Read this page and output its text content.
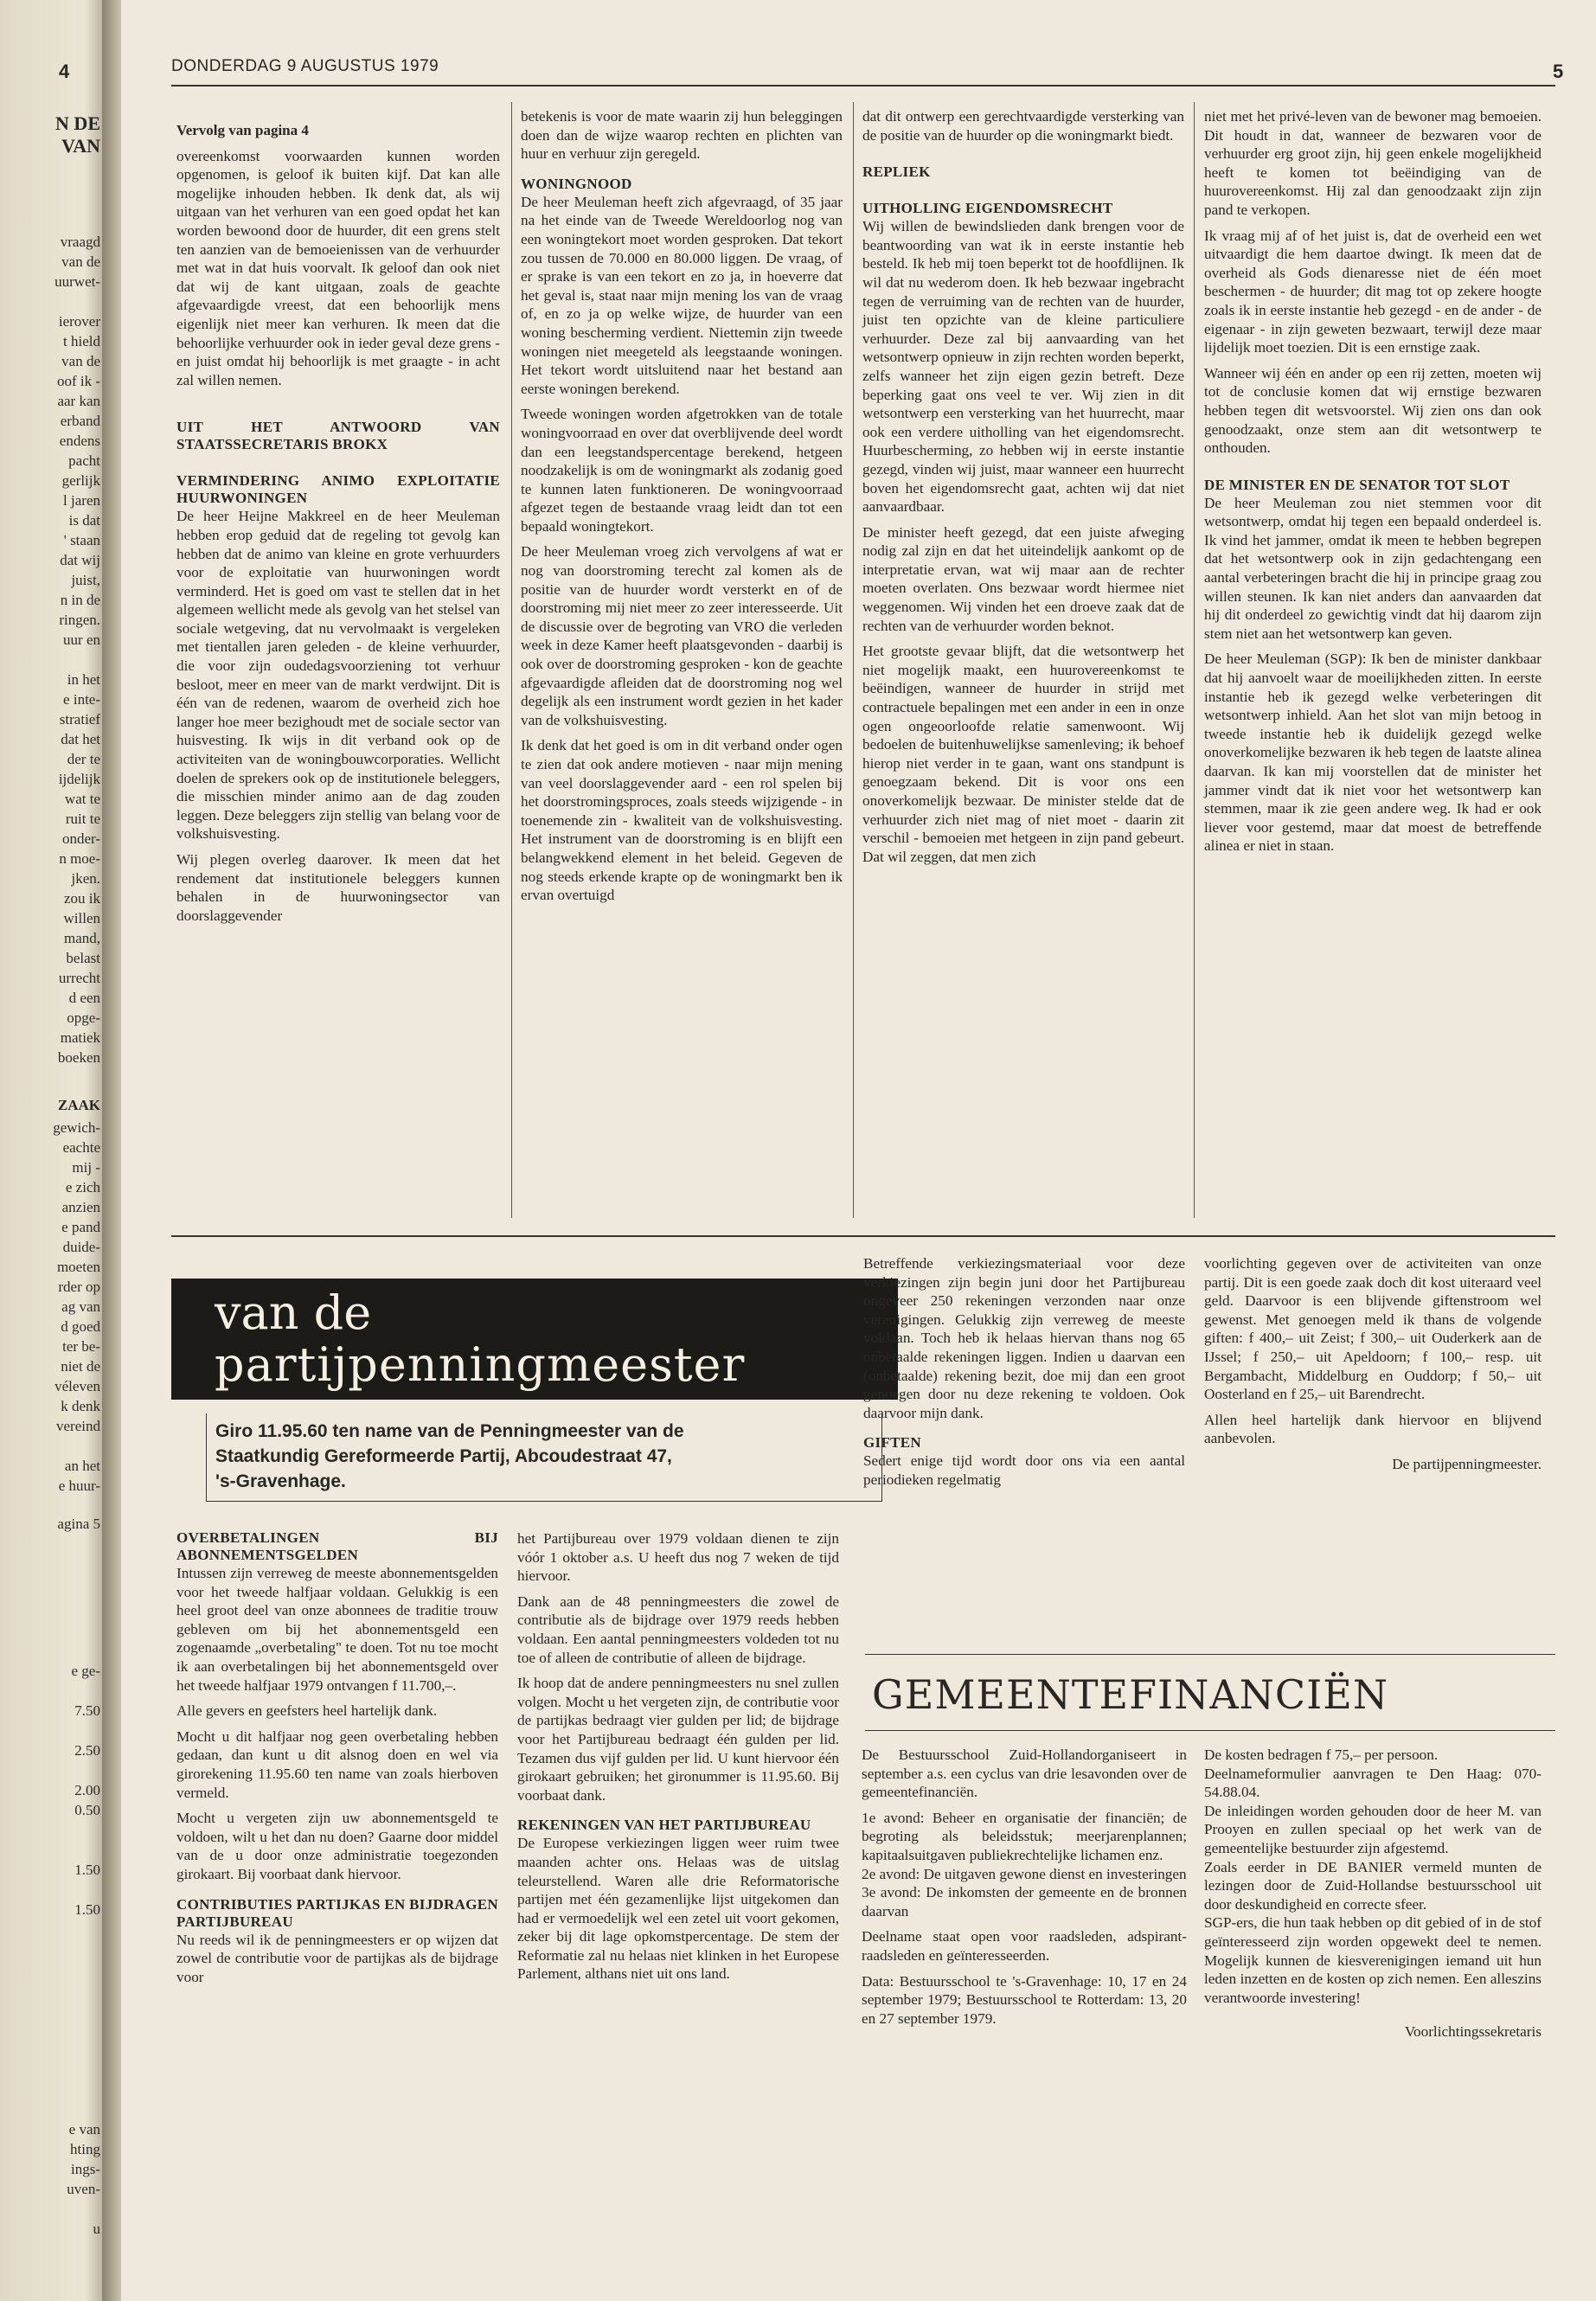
4
N DE
VAN
vraagd
van de
uurwet-

ierover
t hield
van de
oof ik -
aar kan
erband
endens
pacht
gerlijk
l jaren
is dat
' staan
dat wij
juist,
n in de
ringen.
uur en

in het
e inte-
stratief
dat het
der te
ijdelijk
wat te
ruit te
onder-
n moe-
jken.
zou ik
willen
mand,
belast
urrecht
d een
opge-
matiek
boeken
ZAAK
gewich-
eachte
mij -
e zich
anzien
e pand
duide-
moeten
rder op
ag van
d goed
ter be-
niet de
véleven
k denk
vereind

an het
e huur-
agina 5
e ge-

7.50

2.50

2.00
0.50

1.50

1.50
e van
hting
ings-
uven-

u
DONDERDAG 9 AUGUSTUS 1979	5

Vervolg van pagina 4

overeenkomst voorwaarden kunnen worden opgenomen, is geloof ik buiten kijf. Dat kan alle mogelijke inhouden hebben. Ik denk dat, als wij uitgaan van het verhuren van een goed opdat het kan worden bewoond door de huurder, dit een grens stelt ten aanzien van de bemoeienissen van de verhuurder met wat in dat huis voorvalt. Ik geloof dan ook niet dat wij de kant uitgaan, zoals de geachte afgevaardigde vreest, dat een behoorlijk mens eigenlijk niet meer kan verhuren. Ik meen dat die behoorlijke verhuurder ook in ieder geval deze grens - en juist omdat hij behoorlijk is met graagte - in acht zal willen nemen.

UIT HET ANTWOORD VAN STAATSSECRETARIS BROKX
VERMINDERING ANIMO EXPLOITATIE HUURWONINGEN

De heer Heijne Makkreel en de heer Meuleman hebben erop geduid dat de regeling tot gevolg kan hebben dat de animo van kleine en grote verhuurders voor de exploitatie van huurwoningen wordt verminderd. Het is goed om vast te stellen dat in het algemeen wellicht mede als gevolg van het stelsel van sociale wetgeving, dat nu vervolmaakt is vergeleken met tientallen jaren geleden - de kleine verhuurder, die voor zijn oudedagsvoorziening tot verhuur besloot, meer en meer van de markt verdwijnt. Dit is één van de redenen, waarom de overheid zich hoe langer hoe meer bezighoudt met de sociale sector van huisvesting. Ik wijs in dit verband ook op de activiteiten van de woningbouwcorporaties. Wellicht doelen de sprekers ook op de institutionele beleggers, die misschien minder animo aan de dag zouden leggen. Deze beleggers zijn stellig van belang voor de volkshuisvesting.

Wij plegen overleg daarover. Ik meen dat het rendement dat institutionele beleggers kunnen behalen in de huurwoningsector van doorslaggevender

betekenis is voor de mate waarin zij hun beleggingen doen dan de wijze waarop rechten en plichten van huur en verhuur zijn geregeld.

WONINGNOOD

De heer Meuleman heeft zich afgevraagd, of 35 jaar na het einde van de Tweede Wereldoorlog nog van een woningtekort moet worden gesproken. Dat tekort zou tussen de 70.000 en 80.000 liggen. De vraag, of er sprake is van een tekort en zo ja, in hoeverre dat het geval is, staat naar mijn mening los van de vraag of, en zo ja op welke wijze, de huurder van een woning bescherming verdient. Niettemin zijn tweede woningen niet meegeteld als leegstaande woningen. Het tekort wordt uitsluitend naar het bestand aan eerste woningen berekend.

Tweede woningen worden afgetrokken van de totale woningvoorraad en over dat overblijvende deel wordt dan een leegstandspercentage berekend, hetgeen noodzakelijk is om de woningmarkt als zodanig goed te kunnen laten funktioneren. De woningvoorraad afgezet tegen de bestaande vraag leidt dan tot een bepaald woningtekort.

De heer Meuleman vroeg zich vervolgens af wat er nog van doorstroming terecht zal komen als de positie van de huurder wordt versterkt en of de doorstroming mij niet meer zo zeer interesseerde. Uit de discussie over de begroting van VRO die verleden week in deze Kamer heeft plaatsgevonden - daarbij is ook over de doorstroming gesproken - kon de geachte afgevaardigde afleiden dat de doorstroming nog wel degelijk als een instrument wordt gezien in het kader van de volkshuisvesting.

Ik denk dat het goed is om in dit verband onder ogen te zien dat ook andere motieven - naar mijn mening van veel doorslaggevender aard - een rol spelen bij het doorstromingsproces, zoals steeds wijzigende - in toenemende zin - kwaliteit van de volkshuisvesting. Het instrument van de doorstroming is en blijft een belangwekkend element in het beleid. Gegeven de nog steeds erkende krapte op de woningmarkt ben ik ervan overtuigd

dat dit ontwerp een gerechtvaardigde versterking van de positie van de huurder op die woningmarkt biedt.

REPLIEK
UITHOLLING EIGENDOMSRECHT

Wij willen de bewindslieden dank brengen voor de beantwoording van wat ik in eerste instantie heb besteld. Ik heb mij toen beperkt tot de hoofdlijnen. Ik wil dat nu wederom doen. Ik heb bezwaar ingebracht tegen de verruiming van de rechten van de huurder, juist ten opzichte van de kleine particuliere verhuurder. Deze zal bij aanvaarding van het wetsontwerp opnieuw in zijn rechten worden beperkt, zelfs wanneer het zijn eigen gezin betreft. Deze beperking gaat ons veel te ver. Wij zien in dit wetsontwerp een versterking van het huurrecht, maar ook een verdere uitholling van het eigendomsrecht. Huurbescherming, zo hebben wij in eerste instantie gezegd, vinden wij juist, maar wanneer een huurrecht boven het eigendomsrecht gaat, achten wij dat niet aanvaardbaar.

De minister heeft gezegd, dat een juiste afweging nodig zal zijn en dat het uiteindelijk aankomt op de interpretatie ervan, wat wij maar aan de rechter moeten overlaten. Ons bezwaar wordt hiermee niet weggenomen. Wij vinden het een droeve zaak dat de rechten van de verhuurder worden beknot.

Het grootste gevaar blijft, dat die wetsontwerp het niet mogelijk maakt, een huurovereenkomst te beëindigen, wanneer de huurder in strijd met contractuele bepalingen met een ander in een in onze ogen ongeoorloofde relatie samenwoont. Wij bedoelen de buitenhuwelijkse samenleving; ik behoef hierop niet verder in te gaan, want ons standpunt is genoegzaam bekend. Dit is voor ons een onoverkomelijk bezwaar. De minister stelde dat de verhuurder zich niet mag of niet moet - daarin zit verschil - bemoeien met hetgeen in zijn pand gebeurt. Dat wil zeggen, dat men zich

niet met het privé-leven van de bewoner mag bemoeien. Dit houdt in dat, wanneer de bezwaren voor de verhuurder erg groot zijn, hij geen enkele mogelijkheid heeft te komen tot beëindiging van de huurovereenkomst. Hij zal dan genoodzaakt zijn zijn pand te verkopen.

Ik vraag mij af of het juist is, dat de overheid een wet uitvaardigt die hem daartoe dwingt. Ik meen dat de overheid als Gods dienaresse niet de één moet beschermen - de huurder; dit mag tot op zekere hoogte zoals ik in eerste instantie heb gezegd - en de ander - de eigenaar - in zijn geweten bezwaart, terwijl deze maar lijdelijk moet toezien. Dit is een ernstige zaak.

Wanneer wij één en ander op een rij zetten, moeten wij tot de conclusie komen dat wij ernstige bezwaren hebben tegen dit wetsvoorstel. Wij zien ons dan ook genoodzaakt, onze stem aan dit wetsontwerp te onthouden.

DE MINISTER EN DE SENATOR TOT SLOT

De heer Meuleman zou niet stemmen voor dit wetsontwerp, omdat hij tegen een bepaald onderdeel is. Ik vind het jammer, omdat ik meen te hebben begrepen dat het wetsontwerp ook in zijn gedachtengang een aantal verbeteringen bracht die hij in principe graag zou willen steunen. Ik kan niet anders dan aanvaarden dat hij dit onderdeel zo gewichtig vindt dat hij daarom zijn stem niet aan het wetsontwerp kan geven.

De heer Meuleman (SGP): Ik ben de minister dankbaar dat hij aanvoelt waar de moeilijkheden zitten. In eerste instantie heb ik gezegd welke verbeteringen dit wetsontwerp inhield. Aan het slot van mijn betoog in tweede instantie heb ik duidelijk gezegd welke onoverkomelijke bezwaren ik heb tegen de laatste alinea daarvan. Ik kan mij voorstellen dat de minister het jammer vindt dat ik niet voor het wetsontwerp kan stemmen, maar ik zie geen andere weg. Ik had er ook liever voor gestemd, maar dat moest de betreffende alinea er niet in staan.

van de
partijpenningmeester
Giro 11.95.60 ten name van de Penningmeester van de
Staatkundig Gereformeerde Partij, Abcoudestraat 47,
's-Gravenhage.

Betreffende verkiezingsmateriaal voor deze verkiezingen zijn begin juni door het Partijbureau ongeveer 250 rekeningen verzonden naar onze verenigingen. Gelukkig zijn verreweg de meeste voldaan. Toch heb ik helaas hiervan thans nog 65 onbetaalde rekeningen liggen. Indien u daarvan een (onbetaalde) rekening bezit, doe mij dan een groot genoegen door nu deze rekening te voldoen. Ook daarvoor mijn dank.

GIFTEN

Sedert enige tijd wordt door ons via een aantal periodieken regelmatig

voorlichting gegeven over de activiteiten van onze partij. Dit is een goede zaak doch dit kost uiteraard veel geld. Daarvoor is een blijvende giftenstroom wel gewenst. Met genoegen meld ik thans de volgende giften: f 400,– uit Zeist; f 300,– uit Ouderkerk aan de IJssel; f 250,– uit Apeldoorn; f 100,– resp. uit Bergambacht, Middelburg en Ouddorp; f 50,– uit Oosterland en f 25,– uit Barendrecht.

Allen heel hartelijk dank hiervoor en blijvend aanbevolen.

De partijpenningmeester.

OVERBETALINGEN BIJ ABONNEMENTSGELDEN

Intussen zijn verreweg de meeste abonnementsgelden voor het tweede halfjaar voldaan. Gelukkig is een heel groot deel van onze abonnees de traditie trouw gebleven om bij het abonnementsgeld een zogenaamde „overbetaling" te doen. Tot nu toe mocht ik aan overbetalingen bij het abonnementsgeld over het tweede halfjaar 1979 ontvangen f 11.700,–.

Alle gevers en geefsters heel hartelijk dank.

Mocht u dit halfjaar nog geen overbetaling hebben gedaan, dan kunt u dit alsnog doen en wel via girorekening 11.95.60 ten name van zoals hierboven vermeld.

Mocht u vergeten zijn uw abonnementsgeld te voldoen, wilt u het dan nu doen? Gaarne door middel van de u door onze administratie toegezonden girokaart. Bij voorbaat dank hiervoor.

CONTRIBUTIES PARTIJKAS EN BIJDRAGEN PARTIJBUREAU

Nu reeds wil ik de penningmeesters er op wijzen dat zowel de contributie voor de partijkas als de bijdrage voor

het Partijbureau over 1979 voldaan dienen te zijn vóór 1 oktober a.s. U heeft dus nog 7 weken de tijd hiervoor.

Dank aan de 48 penningmeesters die zowel de contributie als de bijdrage over 1979 reeds hebben voldaan. Een aantal penningmeesters voldeden tot nu toe of alleen de contributie of alleen de bijdrage.

Ik hoop dat de andere penningmeesters nu snel zullen volgen. Mocht u het vergeten zijn, de contributie voor de partijkas bedraagt vier gulden per lid; de bijdrage voor het Partijbureau bedraagt één gulden per lid. Tezamen dus vijf gulden per lid. U kunt hiervoor één girokaart gebruiken; het gironummer is 11.95.60. Bij voorbaat dank.

REKENINGEN VAN HET PARTIJBUREAU

De Europese verkiezingen liggen weer ruim twee maanden achter ons. Helaas was de uitslag teleurstellend. Waren alle drie Reformatorische partijen met één gezamenlijke lijst uitgekomen dan had er vermoedelijk wel een zetel uit voort gekomen, zeker bij dit lage opkomstpercentage. De stem der Reformatie zal nu helaas niet klinken in het Europese Parlement, althans niet uit ons land.

GEMEENTEFINANCIËN

De Bestuursschool Zuid-Hollandorganiseert in september a.s. een cyclus van drie lesavonden over de gemeentefinanciën.

1e avond: Beheer en organisatie der financiën; de begroting als beleidsstuk; meerjarenplannen; kapitaalsuitgaven publiekrechtelijke lichamen enz.

2e avond: De uitgaven gewone dienst en investeringen

3e avond: De inkomsten der gemeente en de bronnen daarvan

Deelname staat open voor raadsleden, adspirant-raadsleden en geïnteresseerden.

Data: Bestuursschool te 's-Gravenhage: 10, 17 en 24 september 1979; Bestuursschool te Rotterdam: 13, 20 en 27 september 1979.

De kosten bedragen f 75,– per persoon.

Deelnameformulier aanvragen te Den Haag: 070-54.88.04.

De inleidingen worden gehouden door de heer M. van Prooyen en zullen speciaal op het werk van de gemeentelijke bestuurder zijn afgestemd.

Zoals eerder in DE BANIER vermeld munten de lezingen door de Zuid-Hollandse bestuursschool uit door deskundigheid en correcte sfeer.

SGP-ers, die hun taak hebben op dit gebied of in de stof geïnteresseerd zijn worden opgewekt deel te nemen. Mogelijk kunnen de kiesverenigingen iemand uit hun leden inzetten en de kosten op zich nemen. Een alleszins verantwoorde investering!

Voorlichtingssekretaris
